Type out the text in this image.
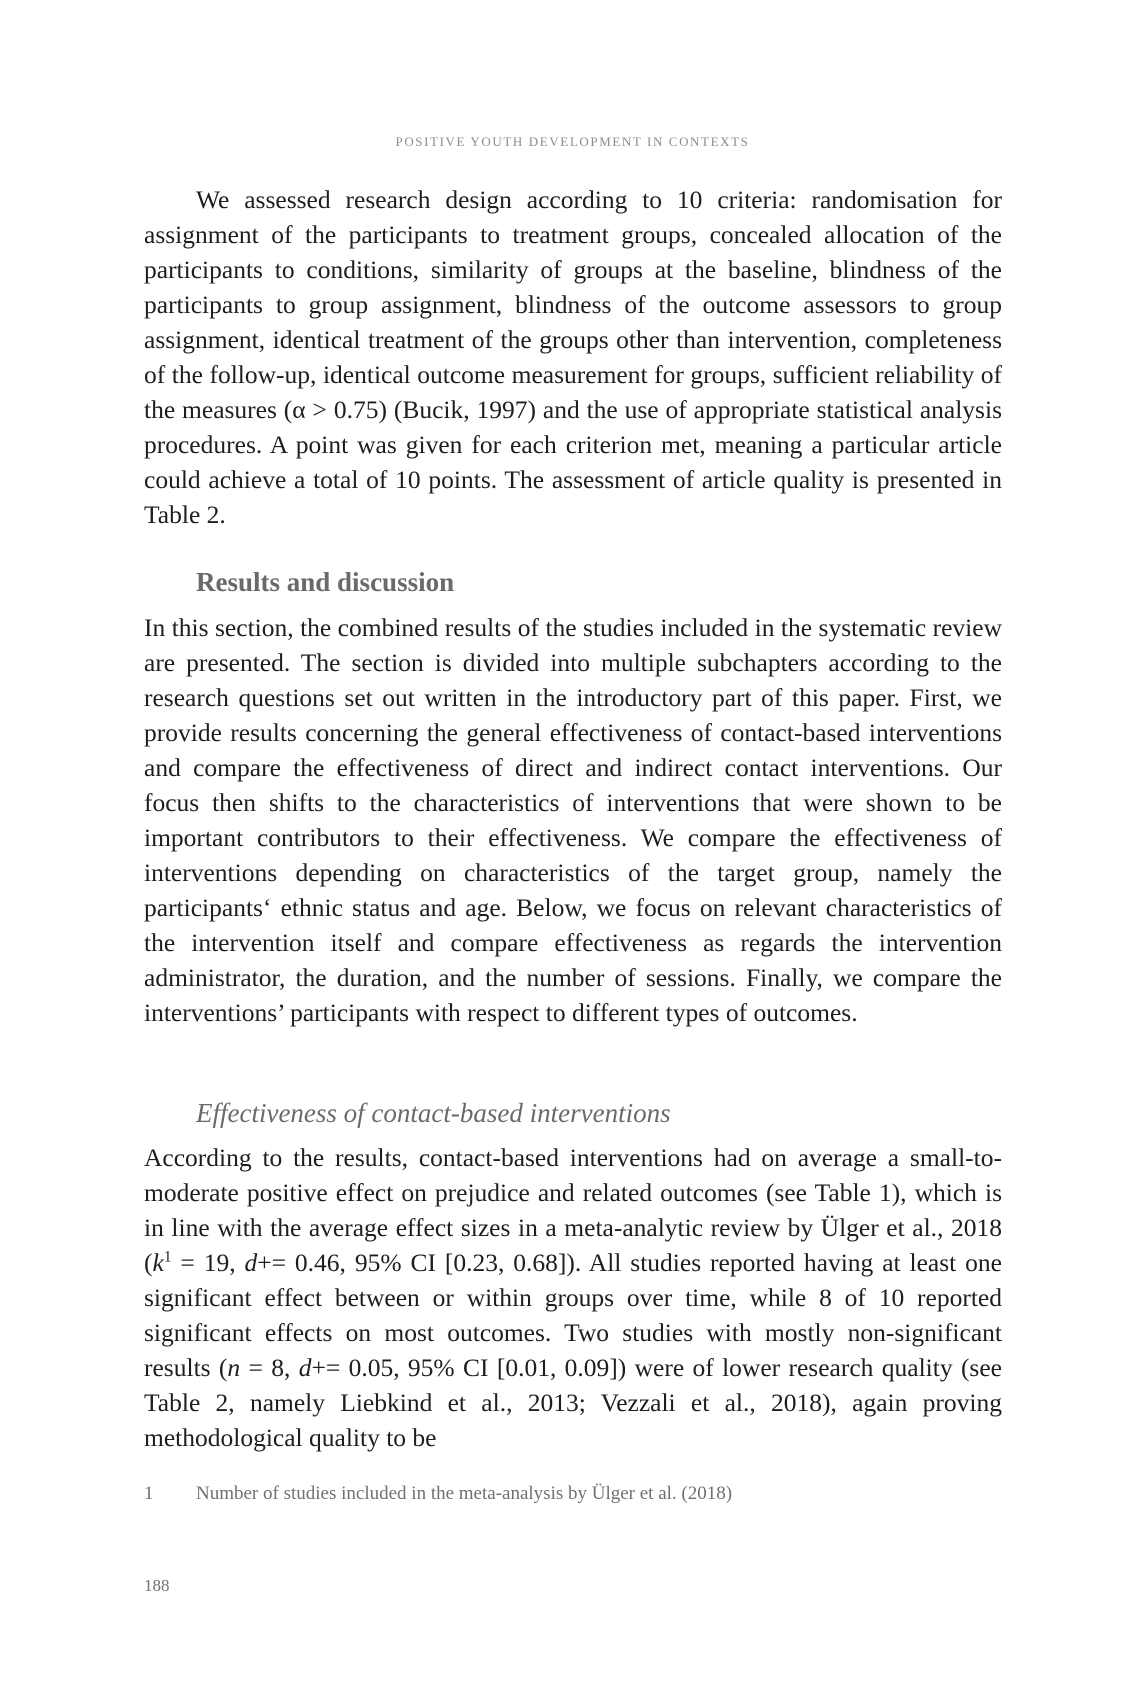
POSITIVE YOUTH DEVELOPMENT IN CONTEXTS
We assessed research design according to 10 criteria: randomisation for assignment of the participants to treatment groups, concealed allocation of the participants to conditions, similarity of groups at the baseline, blindness of the participants to group assignment, blindness of the outcome assessors to group assignment, identical treatment of the groups other than intervention, completeness of the follow-up, identical outcome measurement for groups, sufficient reliability of the measures (α > 0.75) (Bucik, 1997) and the use of appropriate statistical analysis procedures. A point was given for each criterion met, meaning a particular article could achieve a total of 10 points. The assessment of article quality is presented in Table 2.
Results and discussion
In this section, the combined results of the studies included in the systematic review are presented. The section is divided into multiple subchapters according to the research questions set out written in the introductory part of this paper. First, we provide results concerning the general effectiveness of contact-based interventions and compare the effectiveness of direct and indirect contact interventions. Our focus then shifts to the characteristics of interventions that were shown to be important contributors to their effectiveness. We compare the effectiveness of interventions depending on characteristics of the target group, namely the participants‘ ethnic status and age. Below, we focus on relevant characteristics of the intervention itself and compare effectiveness as regards the intervention administrator, the duration, and the number of sessions. Finally, we compare the interventions’ participants with respect to different types of outcomes.
Effectiveness of contact-based interventions
According to the results, contact-based interventions had on average a small-to-moderate positive effect on prejudice and related outcomes (see Table 1), which is in line with the average effect sizes in a meta-analytic review by Ülger et al., 2018 ($k^1 = 19$, d+= 0.46, 95% CI [0.23, 0.68]). All studies reported having at least one significant effect between or within groups over time, while 8 of 10 reported significant effects on most outcomes. Two studies with mostly non-significant results (n = 8, d+= 0.05, 95% CI [0.01, 0.09]) were of lower research quality (see Table 2, namely Liebkind et al., 2013; Vezzali et al., 2018), again proving methodological quality to be
1 Number of studies included in the meta-analysis by Ülger et al. (2018)
188
